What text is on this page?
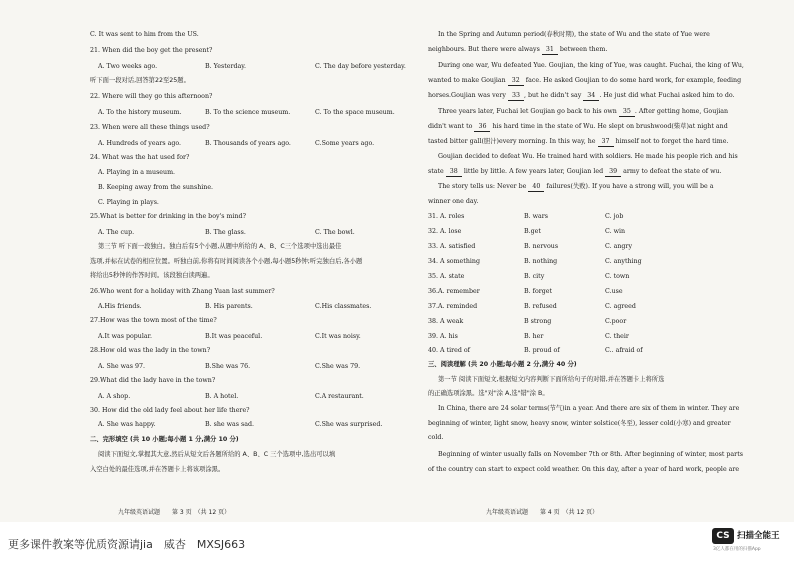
C. It was sent to him from the US.
21. When did the boy get the present?
A. Two weeks ago.	B. Yesterday.	C. The day before yesterday.
听下面一段对话,回答第22至25题。
22. Where will they go this afternoon?
A. To the history museum.	B. To the science museum.	C. To the space museum.
23. When were all these things used?
A. Hundreds of years ago.	B. Thousands of years ago.	C.Some years ago.
24. What was the hat used for?
A. Playing in a museum.
B. Keeping away from the sunshine.
C. Playing in plays.
25.What is better for drinking in the boy's mind?
A. The cup.	B. The glass.	C. The bowl.
第三节 听下面一段独白。独白后有5个小题,从题中所给的 A、B、C三个选项中选出最佳
选项,并标在试卷的相应位置。听独白前,你将有时间阅读各个小题,每小题5秒钟;听完独白后,各小题
将给出5秒钟的作答时间。该段独白读两遍。
26.Who went for a holiday with Zhang Yuan last summer?
A.His friends.	B. His parents.	C.His classmates.
27.How was the town most of the time?
A.It was popular.	B.It was peaceful.	C.It was noisy.
28.How old was the lady in the town?
A. She was 97.	B.She was 76.	C.She was 79.
29.What did the lady have in the town?
A. A shop.	B. A hotel.	C.A restaurant.
30. How did the old lady feel about her life there?
A. She was happy.	B. she was sad.	C.She was surprised.
二、完形填空 (共 10 小题;每小题 1 分,满分 10 分)
阅读下面短文,掌握其大意,然后从短文后各题所给的 A、B、C 三个选项中,选出可以填
入空白处的最佳选项,并在答题卡上将该项涂黑。
九年级英语试题　　第 3 页　（共 12 页）
In the Spring and Autumn period(春秋时期), the state of Wu and the state of Yue were
neighbours. But there were always 31 between them.
During one war, Wu defeated Yue. Goujian, the king of Yue, was caught. Fuchai, the king of Wu,
wanted to make Goujian 32 face. He asked Goujian to do some hard work, for example, feeding
horses.Goujian was very 33 , but he didn't say 34 . He just did what Fuchai asked him to do.
Three years later, Fuchai let Goujian go back to his own 35 . After getting home, Goujian
didn't want to 36 his hard time in the state of Wu. He slept on brushwood(柴草)at night and
tasted bitter gall(胆汁)every morning. In this way, he 37 himself not to forget the hard time.
Goujian decided to defeat Wu. He trained hard with soldiers. He made his people rich and his
state 38 little by little. A few years later, Goujian led 39 army to defeat the state of wu.
The story tells us: Never be 40 failures(失败). If you have a strong will, you will be a
winner one day.
31. A. roles	B. wars	C. job
32. A. lose	B.get	C. win
33. A. satisfied	B. nervous	C. angry
34. A something	B. nothing	C. anything
35. A. state	B. city	C. town
36.A. remember	B. forget	C.use
37.A. reminded	B. refused	C. agreed
38. A weak	B strong	C.poor
39. A. his	B. her	C. their
40. A tired of	B. proud of	C.. afraid of
三、阅读理解 (共 20 小题;每小题 2 分,满分 40 分)
第一节 阅读下面短文,根据短文内容判断下面所给句子的对错,并在答题卡上将所选
的正确选项涂黑。选"对"涂 A,选"错"涂 B。
In China, there are 24 solar terms(节气)in a year. And there are six of them in winter. They are
beginning of winter, light snow, heavy snow, winter solstice(冬至), lesser cold(小寒) and greater
cold.
Beginning of winter usually falls on November 7th or 8th. After beginning of winter, most parts
of the country can start to expect cold weather. On this day, after a year of hard work, people are
九年级英语试题　　第 4 页　（共 12 页）
更多课件教案等优质资源请jia　威杏　MXSJ663
CS 扫描全能王
3亿人都在用的扫描App
